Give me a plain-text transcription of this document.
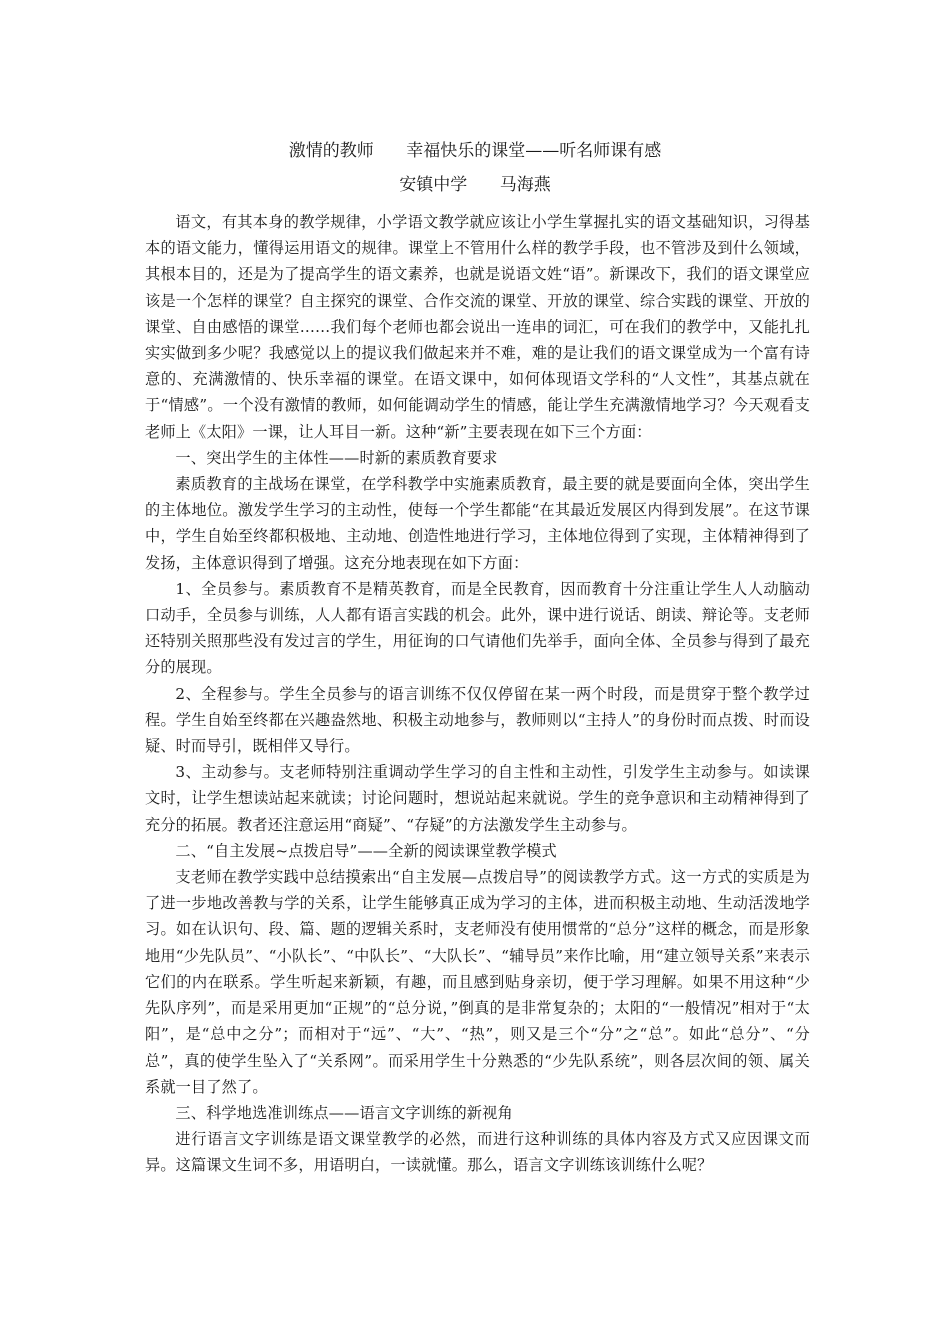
激情的教师      幸福快乐的课堂——听名师课有感
安镇中学      马海燕

语文，有其本身的教学规律，小学语文教学就应该让小学生掌握扎实的语文基础知识，习得基本的语文能力，懂得运用语文的规律。课堂上不管用什么样的教学手段，也不管涉及到什么领域，其根本目的，还是为了提高学生的语文素养，也就是说语文姓“语”。新课改下，我们的语文课堂应该是一个怎样的课堂？自主探究的课堂、合作交流的课堂、开放的课堂、综合实践的课堂、开放的课堂、自由感悟的课堂……我们每个老师也都会说出一连串的词汇，可在我们的教学中，又能扎扎实实做到多少呢？我感觉以上的提议我们做起来并不难，难的是让我们的语文课堂成为一个富有诗意的、充满激情的、快乐幸福的课堂。在语文课中，如何体现语文学科的“人文性”，其基点就在于“情感”。一个没有激情的教师，如何能调动学生的情感，能让学生充满激情地学习？今天观看支老师上《太阳》一课，让人耳目一新。这种“新”主要表现在如下三个方面：

一、突出学生的主体性——时新的素质教育要求

素质教育的主战场在课堂，在学科教学中实施素质教育，最主要的就是要面向全体，突出学生的主体地位。激发学生学习的主动性，使每一个学生都能“在其最近发展区内得到发展”。在这节课中，学生自始至终都积极地、主动地、创造性地进行学习，主体地位得到了实现，主体精神得到了发扬，主体意识得到了增强。这充分地表现在如下方面：

1、全员参与。素质教育不是精英教育，而是全民教育，因而教育十分注重让学生人人动脑动口动手，全员参与训练，人人都有语言实践的机会。此外，课中进行说话、朗读、辩论等。支老师还特别关照那些没有发过言的学生，用征询的口气请他们先举手，面向全体、全员参与得到了最充分的展现。

2、全程参与。学生全员参与的语言训练不仅仅停留在某一两个时段，而是贯穿于整个教学过程。学生自始至终都在兴趣盎然地、积极主动地参与，教师则以“主持人”的身份时而点拨、时而设疑、时而导引，既相伴又导行。

3、主动参与。支老师特别注重调动学生学习的自主性和主动性，引发学生主动参与。如读课文时，让学生想读站起来就读；讨论问题时，想说站起来就说。学生的竞争意识和主动精神得到了充分的拓展。教者还注意运用“商疑”、“存疑”的方法激发学生主动参与。

二、“自主发展~点拨启导”——全新的阅读课堂教学模式

支老师在教学实践中总结摸索出“自主发展—点拨启导”的阅读教学方式。这一方式的实质是为了进一步地改善教与学的关系，让学生能够真正成为学习的主体，进而积极主动地、生动活泼地学习。如在认识句、段、篇、题的逻辑关系时，支老师没有使用惯常的“总分”这样的概念，而是形象地用“少先队员”、“小队长”、“中队长”、“大队长”、“辅导员”来作比喻，用“建立领导关系”来表示它们的内在联系。学生听起来新颖，有趣，而且感到贴身亲切，便于学习理解。如果不用这种“少先队序列”，而是采用更加“正规”的“总分说，”倒真的是非常复杂的；太阳的“一般情况”相对于“太阳”，是“总中之分”；而相对于“远”、“大”、“热”，则又是三个“分”之“总”。如此“总分”、“分总”，真的使学生坠入了“关系网”。而采用学生十分熟悉的“少先队系统”，则各层次间的领、属关系就一目了然了。

三、科学地选准训练点——语言文字训练的新视角

进行语言文字训练是语文课堂教学的必然，而进行这种训练的具体内容及方式又应因课文而异。这篇课文生词不多，用语明白，一读就懂。那么，语言文字训练该训练什么呢？
